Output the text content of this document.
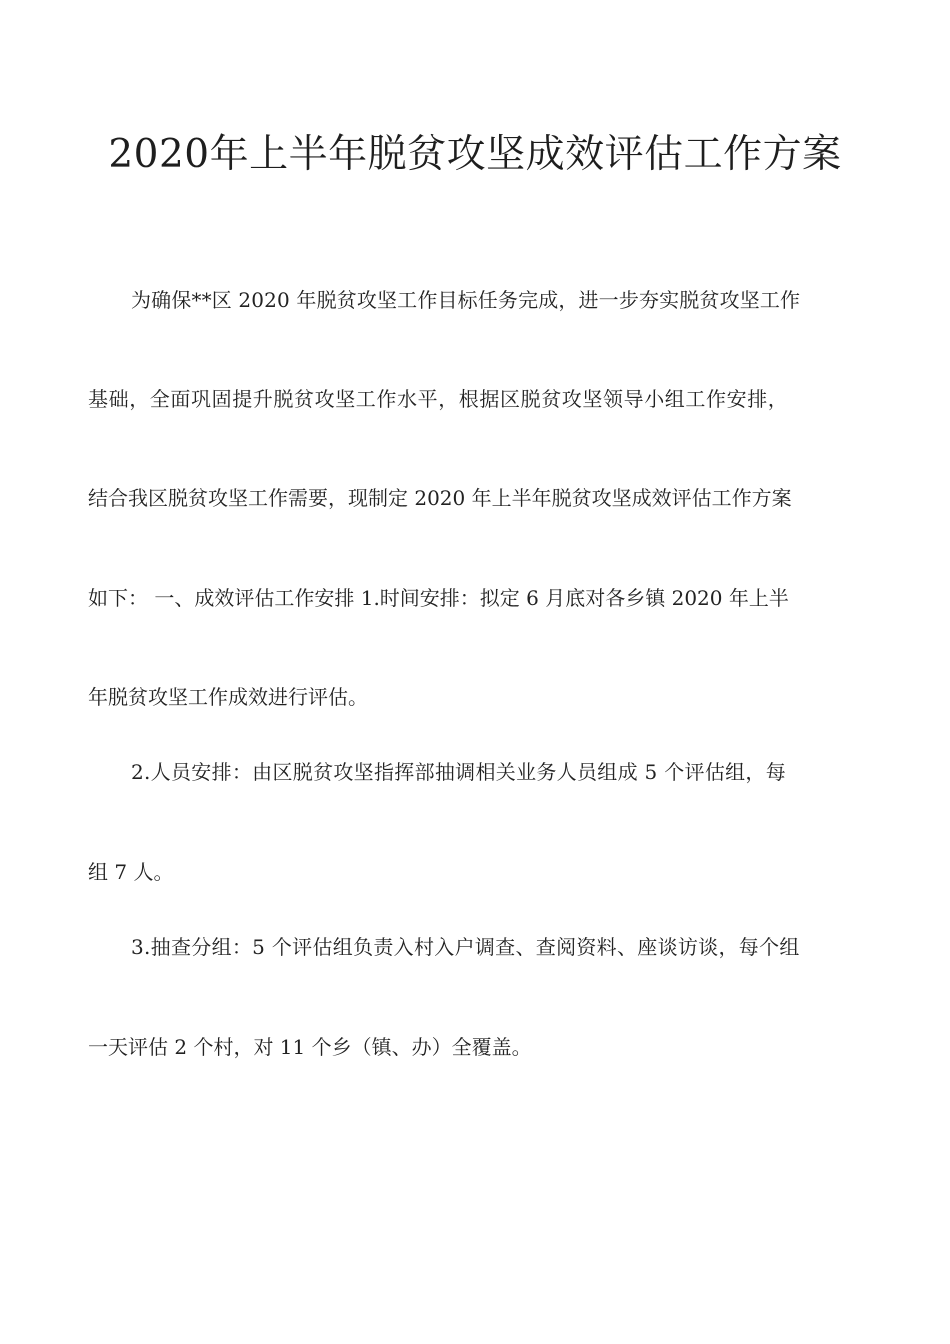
2020年上半年脱贫攻坚成效评估工作方案

为确保**区 2020 年脱贫攻坚工作目标任务完成，进一步夯实脱贫攻坚工作

基础，全面巩固提升脱贫攻坚工作水平，根据区脱贫攻坚领导小组工作安排，

结合我区脱贫攻坚工作需要，现制定 2020 年上半年脱贫攻坚成效评估工作方案

如下： 一、成效评估工作安排 1.时间安排：拟定 6 月底对各乡镇 2020 年上半

年脱贫攻坚工作成效进行评估。

2.人员安排：由区脱贫攻坚指挥部抽调相关业务人员组成 5 个评估组，每

组 7 人。

3.抽查分组：5 个评估组负责入村入户调查、查阅资料、座谈访谈，每个组

一天评估 2 个村，对 11 个乡（镇、办）全覆盖。
